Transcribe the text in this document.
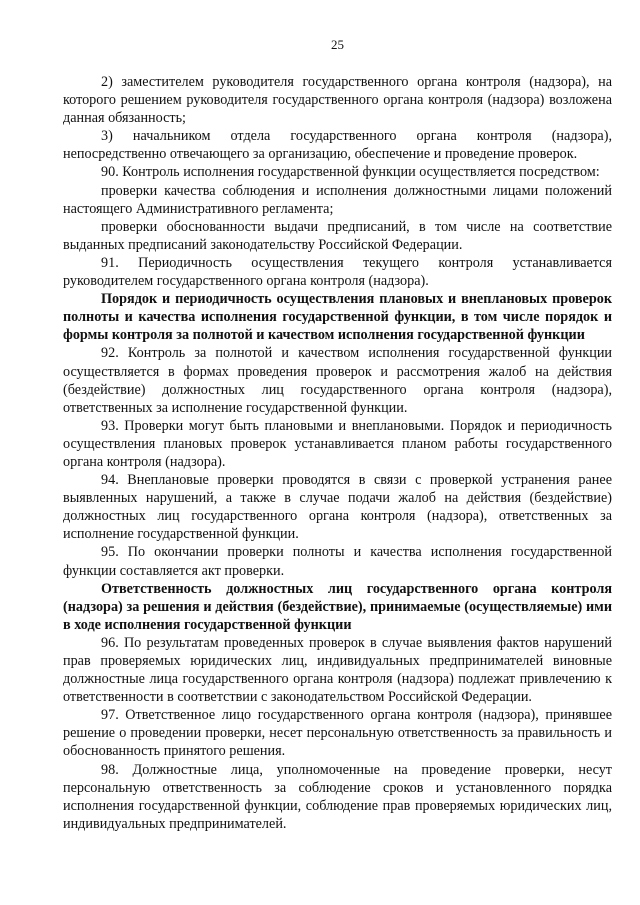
25

2) заместителем руководителя государственного органа контроля (надзора), на которого решением руководителя государственного органа контроля (надзора) возложена данная обязанность;

3) начальником отдела государственного органа контроля (надзора), непосредственно отвечающего за организацию, обеспечение и проведение проверок.

90. Контроль исполнения государственной функции осуществляется посредством:

проверки качества соблюдения и исполнения должностными лицами положений настоящего Административного регламента;

проверки обоснованности выдачи предписаний, в том числе на соответствие выданных предписаний законодательству Российской Федерации.

91. Периодичность осуществления текущего контроля устанавливается руководителем государственного органа контроля (надзора).

Порядок и периодичность осуществления плановых и внеплановых проверок полноты и качества исполнения государственной функции, в том числе порядок и формы контроля за полнотой и качеством исполнения государственной функции

92. Контроль за полнотой и качеством исполнения государственной функции осуществляется в формах проведения проверок и рассмотрения жалоб на действия (бездействие) должностных лиц государственного органа контроля (надзора), ответственных за исполнение государственной функции.

93. Проверки могут быть плановыми и внеплановыми. Порядок и периодичность осуществления плановых проверок устанавливается планом работы государственного органа контроля (надзора).

94. Внеплановые проверки проводятся в связи с проверкой устранения ранее выявленных нарушений, а также в случае подачи жалоб на действия (бездействие) должностных лиц государственного органа контроля (надзора), ответственных за исполнение государственной функции.

95. По окончании проверки полноты и качества исполнения государственной функции составляется акт проверки.

Ответственность должностных лиц государственного органа контроля (надзора) за решения и действия (бездействие), принимаемые (осуществляемые) ими в ходе исполнения государственной функции

96. По результатам проведенных проверок в случае выявления фактов нарушений прав проверяемых юридических лиц, индивидуальных предпринимателей виновные должностные лица государственного органа контроля (надзора) подлежат привлечению к ответственности в соответствии с законодательством Российской Федерации.

97. Ответственное лицо государственного органа контроля (надзора), принявшее решение о проведении проверки, несет персональную ответственность за правильность и обоснованность принятого решения.

98. Должностные лица, уполномоченные на проведение проверки, несут персональную ответственность за соблюдение сроков и установленного порядка исполнения государственной функции, соблюдение прав проверяемых юридических лиц, индивидуальных предпринимателей.
